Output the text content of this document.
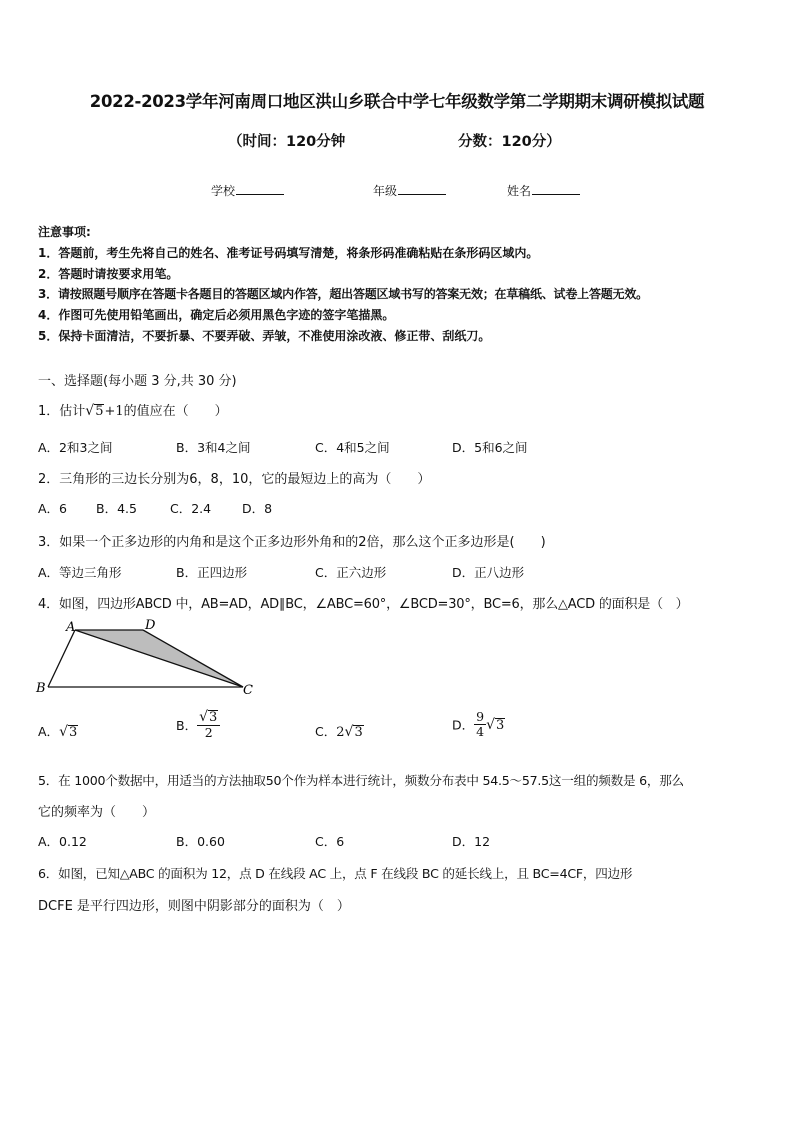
2022-2023学年河南周口地区洪山乡联合中学七年级数学第二学期期末调研模拟试题
（时间：120分钟	分数：120分）
学校	年级	姓名
注意事项:
1．答题前，考生先将自己的姓名、准考证号码填写清楚，将条形码准确粘贴在条形码区域内。
2．答题时请按要求用笔。
3．请按照题号顺序在答题卡各题目的答题区域内作答，超出答题区域书写的答案无效；在草稿纸、试卷上答题无效。
4．作图可先使用铅笔画出，确定后必须用黑色字迹的签字笔描黑。
5．保持卡面清洁，不要折暴、不要弄破、弄皱，不准使用涂改液、修正带、刮纸刀。
一、选择题(每小题 3 分,共 30 分)
1．估计√5+1的值应在（　　）
A．2和3之间	B．3和4之间	C．4和5之间	D．5和6之间
2．三角形的三边长分别为6，8，10，它的最短边上的高为（　　）
A．6 B．4.5	C．2.4 D．8
3．如果一个正多边形的内角和是这个正多边形外角和的2倍，那么这个正多边形是(　　)
A．等边三角形	B．正四边形	C．正六边形	D．正八边形
4．如图，四边形ABCD 中，AB=AD，AD∥BC，∠ABC=60°，∠BCD=30°，BC=6，那么△ACD 的面积是（　）
A	D
B	C
A．√3	B． $\frac{√3}{2}$	C．2√3	D． $\frac{9}{4} √3$
5．在 1000个数据中，用适当的方法抽取50个作为样本进行统计，频数分布表中 54.5～57.5这一组的频数是 6，那么
它的频率为（　　）
A．0.12	B．0.60	C．6	D．12
6．如图，已知△ABC 的面积为 12，点 D 在线段 AC 上，点 F 在线段 BC 的延长线上，且 BC=4CF，四边形
DCFE 是平行四边形，则图中阴影部分的面积为（　）
